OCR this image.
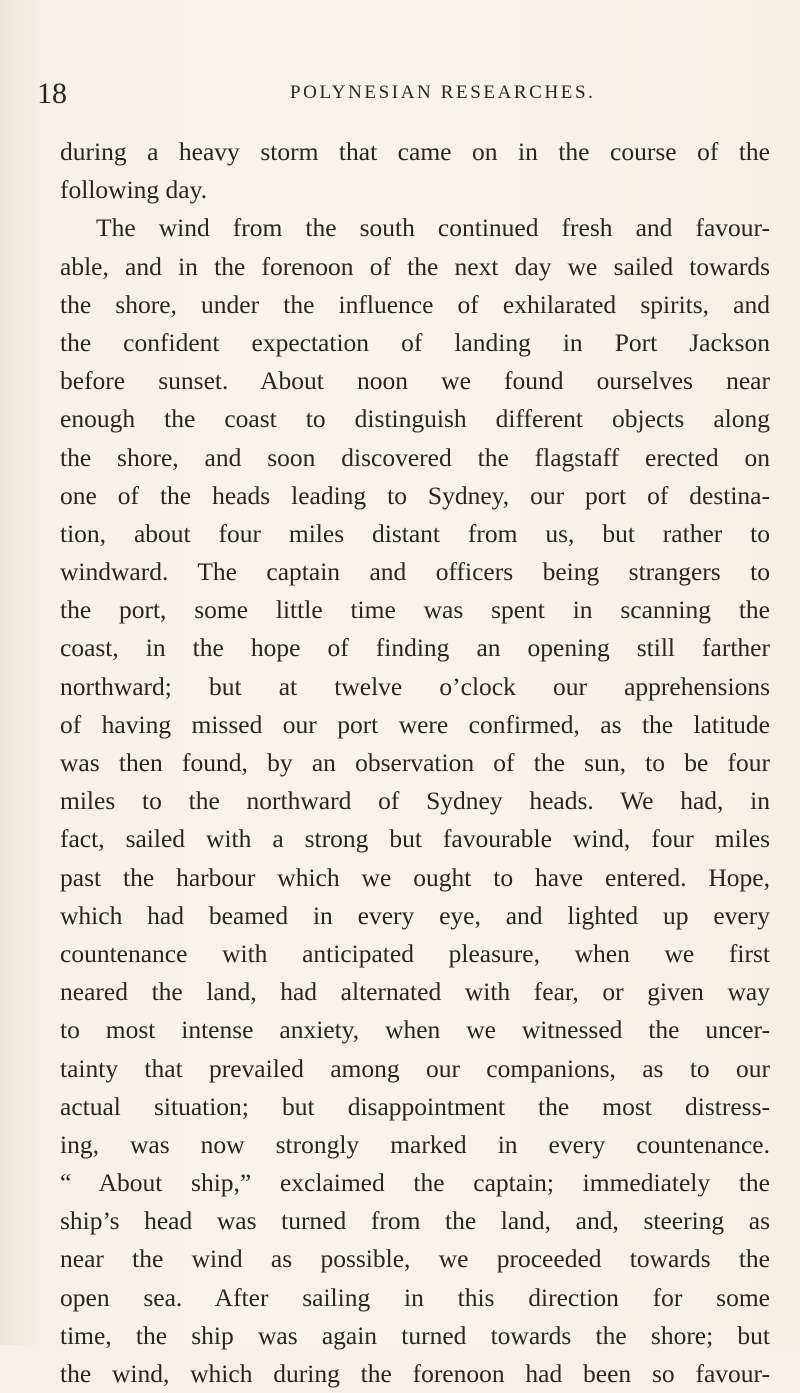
18	POLYNESIAN RESEARCHES.
during a heavy storm that came on in the course of the
following day.
The wind from the south continued fresh and favour-
able, and in the forenoon of the next day we sailed towards
the shore, under the influence of exhilarated spirits, and
the confident expectation of landing in Port Jackson
before sunset. About noon we found ourselves near
enough the coast to distinguish different objects along
the shore, and soon discovered the flagstaff erected on
one of the heads leading to Sydney, our port of destina-
tion, about four miles distant from us, but rather to
windward. The captain and officers being strangers to
the port, some little time was spent in scanning the
coast, in the hope of finding an opening still farther
northward; but at twelve o’clock our apprehensions
of having missed our port were confirmed, as the latitude
was then found, by an observation of the sun, to be four
miles to the northward of Sydney heads. We had, in
fact, sailed with a strong but favourable wind, four miles
past the harbour which we ought to have entered. Hope,
which had beamed in every eye, and lighted up every
countenance with anticipated pleasure, when we first
neared the land, had alternated with fear, or given way
to most intense anxiety, when we witnessed the uncer-
tainty that prevailed among our companions, as to our
actual situation; but disappointment the most distress-
ing, was now strongly marked in every countenance.
“ About ship,” exclaimed the captain; immediately the
ship’s head was turned from the land, and, steering as
near the wind as possible, we proceeded towards the
open sea. After sailing in this direction for some
time, the ship was again turned towards the shore; but
the wind, which during the forenoon had been so favour-
